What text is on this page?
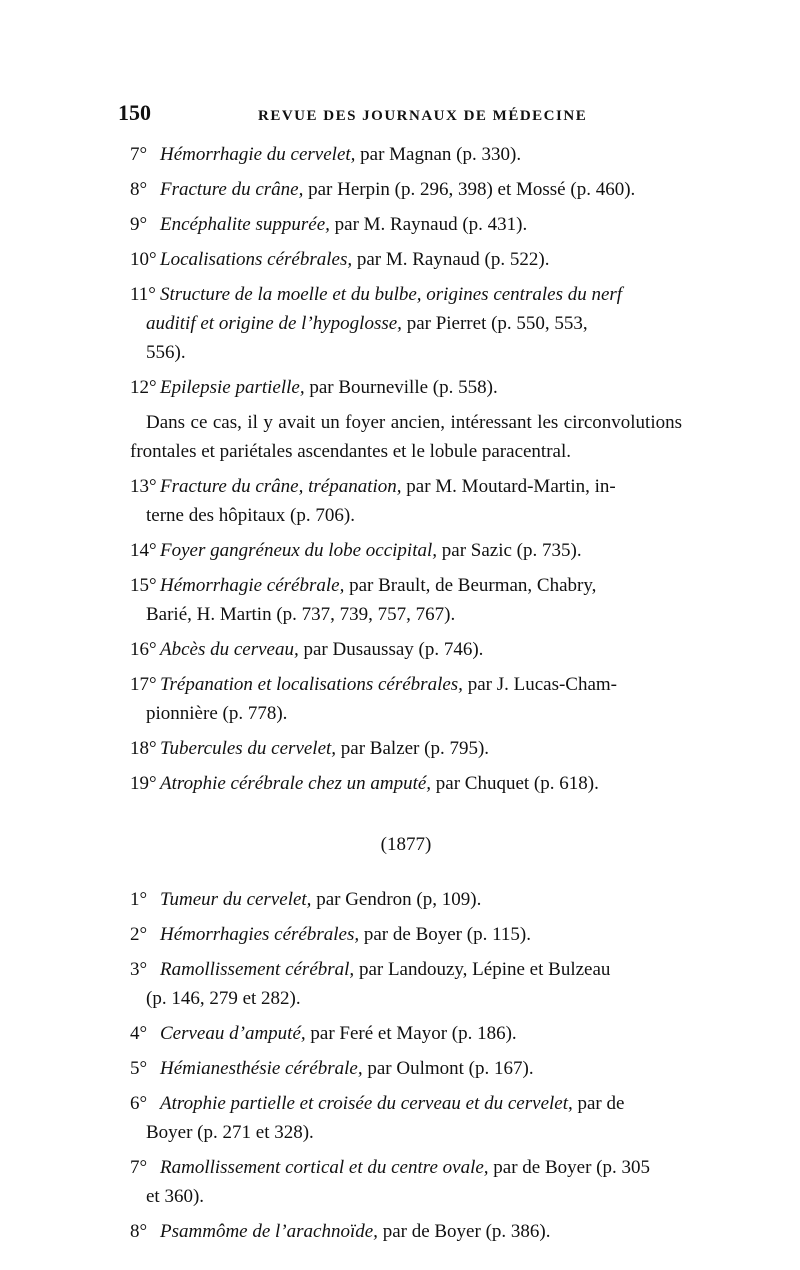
150	REVUE DES JOURNAUX DE MÉDECINE
7° Hémorrhagie du cervelet, par Magnan (p. 330).
8° Fracture du crâne, par Herpin (p. 296, 398) et Mossé (p. 460).
9° Encéphalite suppurée, par M. Raynaud (p. 431).
10° Localisations cérébrales, par M. Raynaud (p. 522).
11° Structure de la moelle et du bulbe, origines centrales du nerf
auditif et origine de l’hypoglosse, par Pierret (p. 550, 553,
556).
12° Epilepsie partielle, par Bourneville (p. 558).

Dans ce cas, il y avait un foyer ancien, intéressant les circonvolutions frontales et pariétales ascendantes et le lobule paracentral.

13° Fracture du crâne, trépanation, par M. Moutard-Martin, in-
terne des hôpitaux (p. 706).
14° Foyer gangréneux du lobe occipital, par Sazic (p. 735).
15° Hémorrhagie cérébrale, par Brault, de Beurman, Chabry,
Barié, H. Martin (p. 737, 739, 757, 767).
16° Abcès du cerveau, par Dusaussay (p. 746).
17° Trépanation et localisations cérébrales, par J. Lucas-Cham-
pionnière (p. 778).
18° Tubercules du cervelet, par Balzer (p. 795).
19° Atrophie cérébrale chez un amputé, par Chuquet (p. 618).
(1877)
1° Tumeur du cervelet, par Gendron (p, 109).
2° Hémorrhagies cérébrales, par de Boyer (p. 115).
3° Ramollissement cérébral, par Landouzy, Lépine et Bulzeau
(p. 146, 279 et 282).
4° Cerveau d’amputé, par Feré et Mayor (p. 186).
5° Hémianesthésie cérébrale, par Oulmont (p. 167).
6° Atrophie partielle et croisée du cerveau et du cervelet, par de
Boyer (p. 271 et 328).
7° Ramollissement cortical et du centre ovale, par de Boyer (p. 305
et 360).
8° Psammôme de l’arachnoïde, par de Boyer (p. 386).
